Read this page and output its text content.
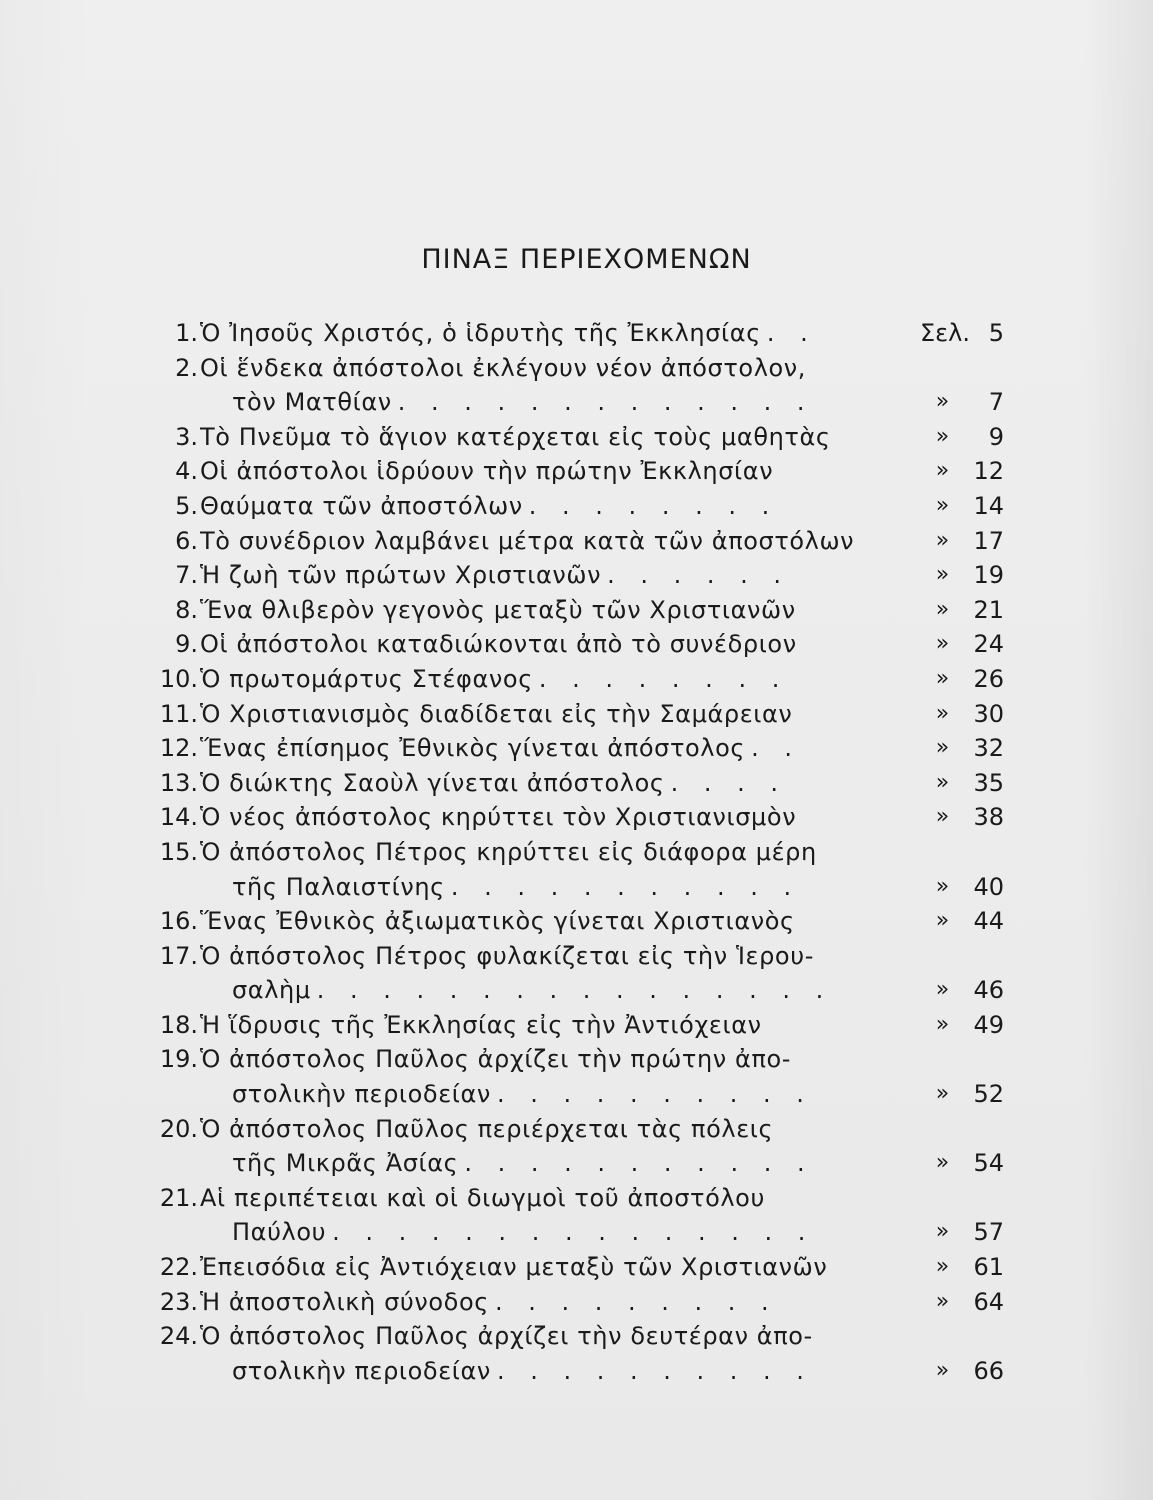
ΠΙΝΑΞ ΠΕΡΙΕΧΟΜΕΝΩΝ
1. Ὁ Ἰησοῦς Χριστός, ὁ ἱδρυτὴς τῆς Ἐκκλησίας . .	Σελ. 5
2. Οἱ ἕνδεκα ἀπόστολοι ἐκλέγουν νέον ἀπόστολον,
τὸν Ματθίαν . . . . . . . . . . . . .	»	7
3. Τὸ Πνεῦμα τὸ ἅγιον κατέρχεται εἰς τοὺς μαθητὰς	»	9
4. Οἱ ἀπόστολοι ἱδρύουν τὴν πρώτην Ἐκκλησίαν	»	12
5. Θαύματα τῶν ἀποστόλων . . . . . . . .	»	14
6. Τὸ συνέδριον λαμβάνει μέτρα κατὰ τῶν ἀποστόλων	»	17
7. Ἡ ζωὴ τῶν πρώτων Χριστιανῶν . . . . . .	»	19
8. Ἕνα θλιβερὸν γεγονὸς μεταξὺ τῶν Χριστιανῶν	»	21
9. Οἱ ἀπόστολοι καταδιώκονται ἀπὸ τὸ συνέδριον	»	24
10. Ὁ πρωτομάρτυς Στέφανος . . . . . . . .	»	26
11. Ὁ Χριστιανισμὸς διαδίδεται εἰς τὴν Σαμάρειαν	»	30
12. Ἕνας ἐπίσημος Ἐθνικὸς γίνεται ἀπόστολος . .	»	32
13. Ὁ διώκτης Σαοὺλ γίνεται ἀπόστολος . . . .	»	35
14. Ὁ νέος ἀπόστολος κηρύττει τὸν Χριστιανισμὸν	»	38
15. Ὁ ἀπόστολος Πέτρος κηρύττει εἰς διάφορα μέρη
τῆς Παλαιστίνης . . . . . . . . . . .	»	40
16. Ἕνας Ἐθνικὸς ἀξιωματικὸς γίνεται Χριστιανὸς	»	44
17. Ὁ ἀπόστολος Πέτρος φυλακίζεται εἰς τὴν Ἱερου-
σαλὴμ . . . . . . . . . . . . . . . .	»	46
18. Ἡ ἵδρυσις τῆς Ἐκκλησίας εἰς τὴν Ἀντιόχειαν	»	49
19. Ὁ ἀπόστολος Παῦλος ἀρχίζει τὴν πρώτην ἀπο-
στολικὴν περιοδείαν . . . . . . . . . .	»	52
20. Ὁ ἀπόστολος Παῦλος περιέρχεται τὰς πόλεις
τῆς Μικρᾶς Ἀσίας . . . . . . . . . . .	»	54
21. Αἱ περιπέτειαι καὶ οἱ διωγμοὶ τοῦ ἀποστόλου
Παύλου . . . . . . . . . . . . . . .	»	57
22. Ἐπεισόδια εἰς Ἀντιόχειαν μεταξὺ τῶν Χριστιανῶν	»	61
23. Ἡ ἀποστολικὴ σύνοδος . . . . . . . . .	»	64
24. Ὁ ἀπόστολος Παῦλος ἀρχίζει τὴν δευτέραν ἀπο-
στολικὴν περιοδείαν . . . . . . . . . .	»	66
